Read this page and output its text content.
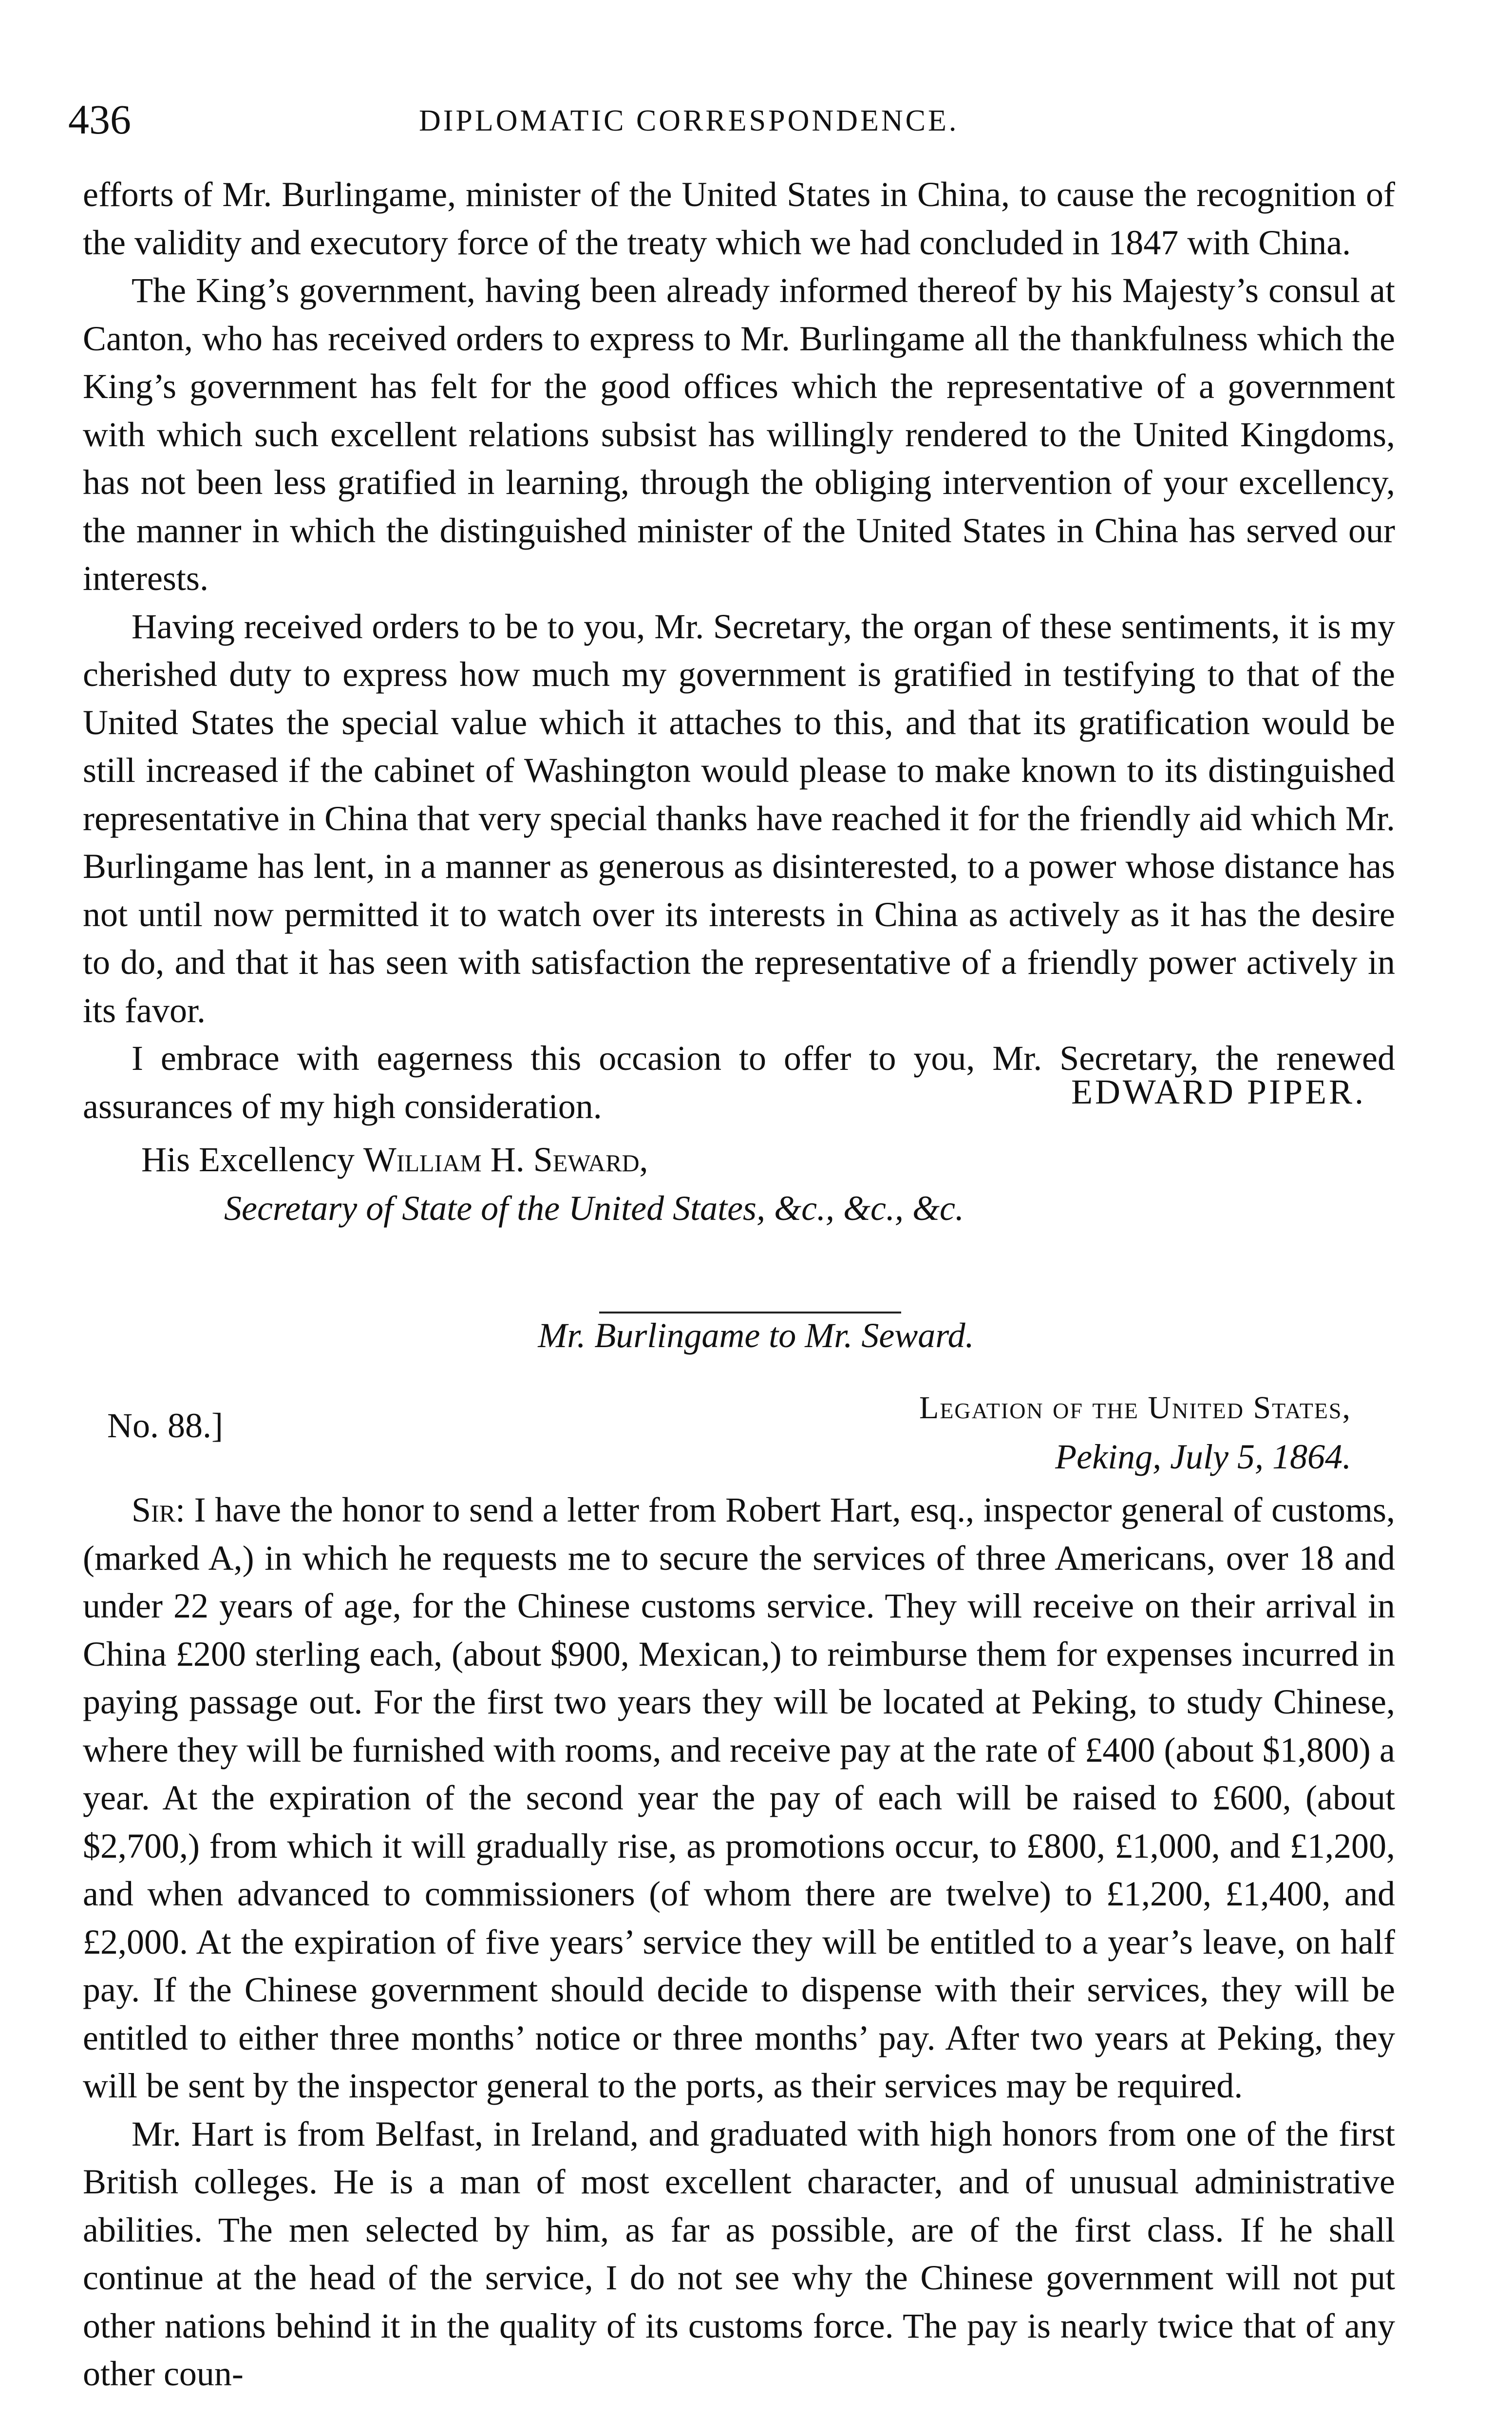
436	DIPLOMATIC CORRESPONDENCE.

efforts of Mr. Burlingame, minister of the United States in China, to cause the recognition of the validity and executory force of the treaty which we had concluded in 1847 with China.

The King’s government, having been already informed thereof by his Majesty’s consul at Canton, who has received orders to express to Mr. Burlingame all the thankfulness which the King’s government has felt for the good offices which the representative of a government with which such excellent relations subsist has willingly rendered to the United Kingdoms, has not been less gratified in learning, through the obliging intervention of your excellency, the manner in which the distinguished minister of the United States in China has served our interests.

Having received orders to be to you, Mr. Secretary, the organ of these sentiments, it is my cherished duty to express how much my government is gratified in testifying to that of the United States the special value which it attaches to this, and that its gratification would be still increased if the cabinet of Washington would please to make known to its distinguished representative in China that very special thanks have reached it for the friendly aid which Mr. Burlingame has lent, in a manner as generous as disinterested, to a power whose distance has not until now permitted it to watch over its interests in China as actively as it has the desire to do, and that it has seen with satisfaction the representative of a friendly power actively in its favor.

I embrace with eagerness this occasion to offer to you, Mr. Secretary, the renewed assurances of my high consideration.	EDWARD PIPER.
His Excellency William H. Seward,
Secretary of State of the United States, &c., &c., &c.
Mr. Burlingame to Mr. Seward.
No. 88.]	Legation of the United States,
Peking, July 5, 1864.

Sir: I have the honor to send a letter from Robert Hart, esq., inspector general of customs, (marked A,) in which he requests me to secure the services of three Americans, over 18 and under 22 years of age, for the Chinese customs service. They will receive on their arrival in China £200 sterling each, (about $900, Mexican,) to reimburse them for expenses incurred in paying passage out. For the first two years they will be located at Peking, to study Chinese, where they will be furnished with rooms, and receive pay at the rate of £400 (about $1,800) a year. At the expiration of the second year the pay of each will be raised to £600, (about $2,700,) from which it will gradually rise, as promotions occur, to £800, £1,000, and £1,200, and when advanced to commissioners (of whom there are twelve) to £1,200, £1,400, and £2,000. At the expiration of five years’ service they will be entitled to a year’s leave, on half pay. If the Chinese government should decide to dispense with their services, they will be entitled to either three months’ notice or three months’ pay. After two years at Peking, they will be sent by the inspector general to the ports, as their services may be required.

Mr. Hart is from Belfast, in Ireland, and graduated with high honors from one of the first British colleges. He is a man of most excellent character, and of unusual administrative abilities. The men selected by him, as far as possible, are of the first class. If he shall continue at the head of the service, I do not see why the Chinese government will not put other nations behind it in the quality of its customs force. The pay is nearly twice that of any other coun-
